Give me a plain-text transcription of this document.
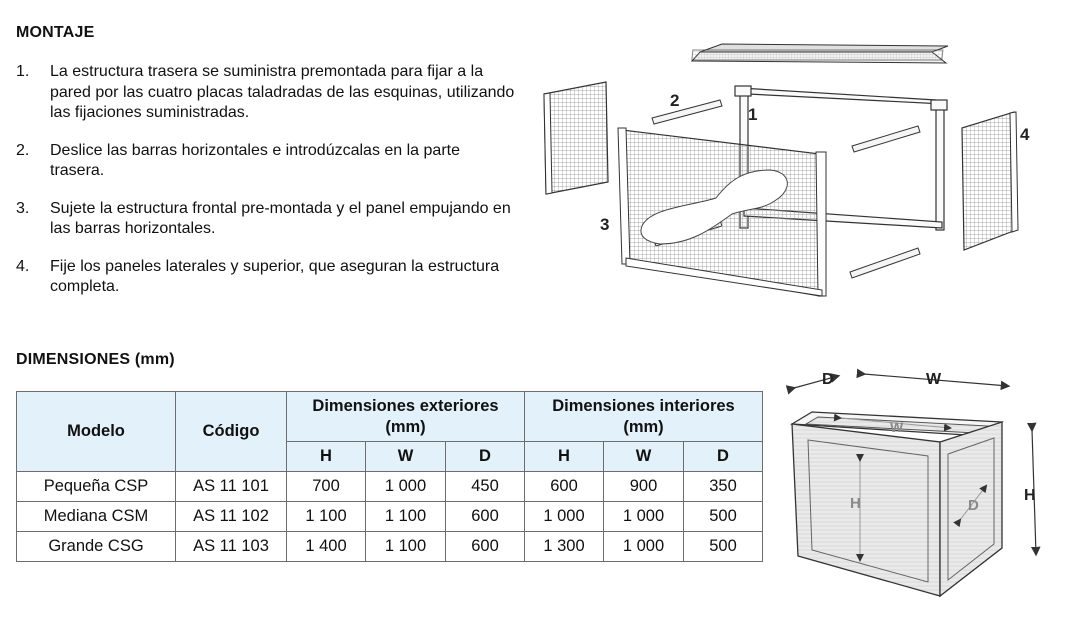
MONTAJE
1. La estructura trasera se suministra premontada para fijar a la pared por las cuatro placas taladradas de las esquinas, utilizando las fijaciones suministradas.
2. Deslice las barras horizontales e introdúzcalas en la parte trasera.
3. Sujete la estructura frontal pre-montada y el panel empujando en las barras horizontales.
4. Fije los paneles laterales y superior, que aseguran la estructura completa.
1
2
3
4
DIMENSIONES (mm)
Modelo	Código	Dimensiones exteriores (mm)			Dimensiones interiores (mm)		
		H	W	D	H	W	D
Pequeña CSP	AS 11 101	700	1 000	450	600	900	350
Mediana CSM	AS 11 102	1 100	1 100	600	1 000	1 000	500
Grande CSG	AS 11 103	1 400	1 100	600	1 300	1 000	500
D	W
H
H
W
D
